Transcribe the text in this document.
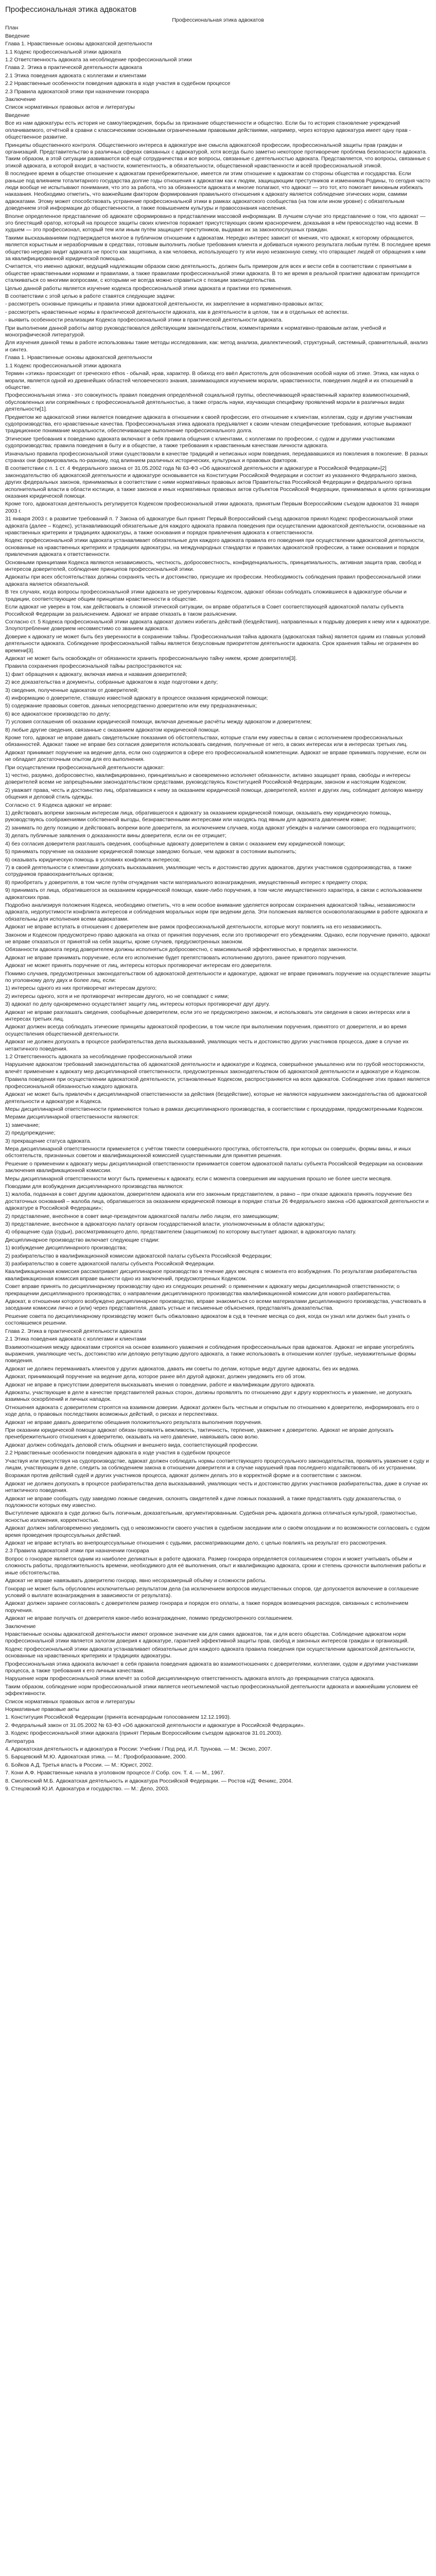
Профессиональная этика адвокатов

Профессиональная этика адвокатов

План

Введение

Глава 1. Нравственные основы адвокатской деятельности

1.1 Кодекс профессиональной этики адвоката

1.2 Ответственность адвоката за несоблюдение профессиональной этики

Глава 2. Этика в практической деятельности адвоката

2.1 Этика поведения адвоката с коллегами и клиентами

2.2 Нравственные особенности поведения адвоката в ходе участия в судебном процессе

2.3 Правила адвокатской этики при назначении гонорара

Заключение

Список нормативных правовых актов и литературы

Введение

Все из нам адвокатуры есть история не самоутверждения, борьбы за признание общественности и общество. Если бы то история становление учреждений оплачиваемого, отчётной в сравни с классическими основными ограниченными правовыми действиями, например, через которую адвокатура имеет одну прав - общественное развитие.

Принципы общественного контроля. Общественного интереса в адвокатуре вне смысла адвокатской профессии, профессиональной защиты прав граждан и организаций. Представительство в различных сферах связанных с адвокатурой, хотя всегда было заметно некоторое противоречие проблема безопасности адвоката. Таким образом, в этой ситуации развиваются всё ещё сотрудничества и все вопросы, связанные с деятельностью адвоката. Представляется, что вопросы, связанные с этикой адвоката, в которой входит, в частности, компетентность, в обязательности, общественной нравственности и всей профессиональной этикой.

В последнее время в обществе отношение к адвокатам пренебрежительное, имеется ли этим отношение к адвокатам со стороны общества и государства. Если раньше под влиянием тоталитарного государства долгие годы отношения к адвокатам как к людям, защищающим преступников и изменников Родины, то сегодня часто люди вообще не испытывают понимания, что это за работа, что за обязанности адвоката и многие полагают, что адвокат — это тот, кто помогает виновным избежать наказания. Необходимо отметить, что важнейшим фактором формирования правильного отношения к адвокату является соблюдение этических норм, самими адвокатами. Этому может способствовать устранение профессиональной этики в рамках адвокатского сообщества (на том или ином уровне) с обязательным доведением этой информации до общественности, а также повышением культуры и правосознания населения.

Вполне определенное представление об адвокате сформировано в представлении массовой информации. В лучшем случае это представление о том, что адвокат — это блестящий оратор, который на процессе защиты своих клиентов поражает присутствующих своим красноречием, доказывая в нём превосходство над всеми. В худшем — это профессионал, который тем или иным путём защищает преступников, выдавая их за законопослушных граждан.

Такими высказываниями подтверждается многое в публичном отношении к адвокатам. Нередко интерес зависит от мнения, что адвокат, к которому обращаются, является корыстным и неразборчивым в средствах, готовым выполнить любые требования клиента и добиваться нужного результата любым путём. В последнее время общество нередко видит адвоката не просто как защитника, а как человека, использующего ту или иную незаконную схему, что отвращает людей от обращения к ним за квалифицированной юридической помощью.

Считается, что именно адвокат, ведущий надлежащим образом свою деятельность, должен быть примером для всех и вести себя в соответствии с принятыми в обществе нравственными нормами и правилами, а также правилами профессиональной этики адвоката. В то же время в реальной практике адвокатам приходится сталкиваться со многими вопросами, с которыми не всегда можно справиться с позиции законодательства.

Целью данной работы является изучение кодекса профессиональной этики адвоката и практики его применения.

В соответствии с этой целью в работе ставятся следующие задачи:

- рассмотреть основные принципы и правила этики адвокатской деятельности, их закрепление в нормативно-правовых актах;

- рассмотреть нравственные нормы в практической деятельности адвоката, как в деятельности в целом, так и в отдельных её аспектах.

- выявить особенности реализации Кодекса профессиональной этики в практической деятельности адвоката.

При выполнении данной работы автор руководствовался действующим законодательством, комментариями к нормативно-правовым актам, учебной и монографической литературой.

Для изучения данной темы в работе использованы такие методы исследования, как: метод анализа, диалектический, структурный, системный, сравнительный, анализ и синтез.

Глава 1. Нравственные основы адвокатской деятельности

1.1 Кодекс профессиональной этики адвоката

Термин «этика» происходит от греческого ethos - обычай, нрав, характер. В обиход его ввёл Аристотель для обозначения особой науки об этике. Этика, как наука о морали, является одной из древнейших областей человеческого знания, занимающаяся изучением морали, нравственности, поведения людей и их отношений в обществе.

Профессиональная этика - это совокупность правил поведения определённой социальной группы, обеспечивающей нравственный характер взаимоотношений, обусловленных или сопряжённых с профессиональной деятельностью, а также отрасль науки, изучающая специфику проявлений морали в различных видах деятельности[1].

Предметом же адвокатской этики является поведение адвоката в отношении к своей профессии, его отношение к клиентам, коллегам, суду и другим участникам судопроизводства, его нравственные качества. Профессиональная этика адвоката предъявляет к своим членам специфические требования, которые выражают традиционное понимание моральности, обеспечивающее выполнение профессионального долга.

Этические требования к поведению адвоката включают в себя правила общения с клиентами, с коллегами по профессии, с судом и другими участниками судопроизводства; правила поведения в быту и в обществе, а также требования к нравственным качествам личности адвоката.

Изначально правила профессиональной этики существовали в качестве традиций и неписаных норм поведения, передававшихся из поколения в поколение. В разных странах они формировались по-разному, под влиянием различных исторических, культурных и правовых факторов.

В соответствии с п. 1 ст. 4 Федерального закона от 31.05.2002 года № 63-ФЗ «Об адвокатской деятельности и адвокатуре в Российской Федерации»[2] законодательство об адвокатской деятельности и адвокатуре основывается на Конституции Российской Федерации и состоит из указанного Федерального закона, других федеральных законов, принимаемых в соответствии с ними нормативных правовых актов Правительства Российской Федерации и федерального органа исполнительной власти в области юстиции, а также законов и иных нормативных правовых актов субъектов Российской Федерации, принимаемых в целях организации оказания юридической помощи.

Кроме того, адвокатская деятельность регулируется Кодексом профессиональной этики адвоката, принятым Первым Всероссийским съездом адвокатов 31 января 2003 г.

31 января 2003 г. в развитие требований п. 7 Закона об адвокатуре был принят Первый Всероссийский съезд адвокатов принял Кодекс профессиональной этики адвоката (далее – Кодекс), устанавливающий обязательные для каждого адвоката правила поведения при осуществлении адвокатской деятельности, основанные на нравственных критериях и традициях адвокатуры, а также основания и порядок привлечения адвоката к ответственности.

Кодекс профессиональной этики адвоката устанавливает обязательные для каждого адвоката правила его поведения при осуществлении адвокатской деятельности, основанные на нравственных критериях и традициях адвокатуры, на международных стандартах и правилах адвокатской профессии, а также основания и порядок привлечения адвоката к ответственности.

Основными принципами Кодекса являются независимость, честность, добросовестность, конфиденциальность, принципиальность, активная защита прав, свобод и интересов доверителей, соблюдение принципов профессиональной этики.

Адвокаты при всех обстоятельствах должны сохранять честь и достоинство, присущие их профессии. Необходимость соблюдения правил профессиональной этики адвоката является обязательной.

В тех случаях, когда вопросы профессиональной этики адвоката не урегулированы Кодексом, адвокат обязан соблюдать сложившиеся в адвокатуре обычаи и традиции, соответствующие общим принципам нравственности в обществе.

Если адвокат не уверен в том, как действовать в сложной этической ситуации, он вправе обратиться в Совет соответствующей адвокатской палаты субъекта Российской Федерации за разъяснением. Адвокат не вправе отказать в таком разъяснении.

Согласно ст. 5 Кодекса профессиональной этики адвоката адвокат должен избегать действий (бездействия), направленных к подрыву доверия к нему или к адвокатуре. Злоупотребление доверием несовместимо со званием адвоката.

Доверие к адвокату не может быть без уверенности в сохранении тайны. Профессиональная тайна адвоката (адвокатская тайна) является одним из главных условий деятельности адвоката. Соблюдение профессиональной тайны является безусловным приоритетом деятельности адвоката. Срок хранения тайны не ограничен во времени[3].

Адвокат не может быть освобождён от обязанности хранить профессиональную тайну никем, кроме доверителя[3].

Правила сохранения профессиональной тайны распространяются на:

1) факт обращения к адвокату, включая имена и названия доверителей;

2) все доказательства и документы, собранные адвокатом в ходе подготовки к делу;

3) сведения, полученные адвокатом от доверителей;

4) информацию о доверителе, ставшую известной адвокату в процессе оказания юридической помощи;

5) содержание правовых советов, данных непосредственно доверителю или ему предназначенных;

6) все адвокатское производство по делу;

7) условия соглашения об оказании юридической помощи, включая денежные расчёты между адвокатом и доверителем;

8) любые другие сведения, связанные с оказанием адвокатом юридической помощи.

Кроме того, адвокат не вправе давать свидетельские показания об обстоятельствах, которые стали ему известны в связи с исполнением профессиональных обязанностей. Адвокат также не вправе без согласия доверителя использовать сведения, полученные от него, в своих интересах или в интересах третьих лиц.

Адвокат принимает поручение на ведение дела, если оно содержится в сфере его профессиональной компетенции. Адвокат не вправе принимать поручение, если он не обладает достаточным опытом для его выполнения.

При осуществлении профессиональной деятельности адвокат:

1) честно, разумно, добросовестно, квалифицированно, принципиально и своевременно исполняет обязанности, активно защищает права, свободы и интересы доверителей всеми не запрещёнными законодательством средствами, руководствуясь Конституцией Российской Федерации, законом и настоящим Кодексом;

2) уважает права, честь и достоинство лиц, обратившихся к нему за оказанием юридической помощи, доверителей, коллег и других лиц, соблюдает деловую манеру общения и деловой стиль одежды.

Согласно ст. 9 Кодекса адвокат не вправе:

1) действовать вопреки законным интересам лица, обратившегося к адвокату за оказанием юридической помощи, оказывать ему юридическую помощь, руководствуясь соображениями собственной выгоды, безнравственными интересами или находясь под явным для адвоката давлением извне;

2) занимать по делу позицию и действовать вопреки воле доверителя, за исключением случаев, когда адвокат убеждён в наличии самооговора его подзащитного;

3) делать публичные заявления о доказанности вины доверителя, если он ее отрицает;

4) без согласия доверителя разглашать сведения, сообщённые адвокату доверителем в связи с оказанием ему юридической помощи;

5) принимать поручение на оказание юридической помощи заведомо больше, чем адвокат в состоянии выполнить;

6) оказывать юридическую помощь в условиях конфликта интересов;

7) в своей деятельности с клиентами допускать высказывания, умаляющие честь и достоинство других адвокатов, других участников судопроизводства, а также сотрудников правоохранительных органов;

8) приобретать у доверителя, в том числе путём отчуждения части материального вознаграждения, имущественный интерес к предмету спора;

9) принимать от лица, обратившегося за оказанием юридической помощи, какие-либо поручения, в том числе имущественного характера, в связи с использованием адвокатских прав.

Подробно анализируя положения Кодекса, необходимо отметить, что в нем особое внимание уделяется вопросам сохранения адвокатской тайны, независимости адвоката, недопустимости конфликта интересов и соблюдения моральных норм при ведении дела. Эти положения являются основополагающими в работе адвоката и обязательны для исполнения всеми адвокатами.

Адвокат не вправе вступать в отношения с доверителем вне рамок профессиональной деятельности, которые могут повлиять на его независимость.

Законом и Кодексом предусмотрено право адвоката на отказ от принятия поручения, если это противоречит его убеждениям. Однако, если поручение принято, адвокат не вправе отказаться от принятой на себя защиты, кроме случаев, предусмотренных законом.

Обязанности адвоката перед доверителем должны исполняться добросовестно, с максимальной эффективностью, в пределах законности.

Адвокат не вправе принимать поручение, если его исполнение будет препятствовать исполнению другого, ранее принятого поручения.

Адвокат не может принять поручение от лиц, интересы которых противоречат интересам его доверителя.

Помимо случаев, предусмотренных законодательством об адвокатской деятельности и адвокатуре, адвокат не вправе принимать поручение на осуществление защиты по уголовному делу двух и более лиц, если:

1) интересы одного из них противоречат интересам другого;

2) интересы одного, хотя и не противоречат интересам другого, но не совпадают с ними;

3) адвокат по делу одновременно осуществляет защиту лиц, интересы которых противоречат друг другу.

Адвокат не вправе разглашать сведения, сообщённые доверителем, если это не предусмотрено законом, и использовать эти сведения в своих интересах или в интересах третьих лиц.

Адвокат должен всегда соблюдать этические принципы адвокатской профессии, в том числе при выполнении поручения, принятого от доверителя, и во время осуществления общественной деятельности.

Адвокат не должен допускать в процессе разбирательства дела высказываний, умаляющих честь и достоинство других участников процесса, даже в случае их нетактичного поведения.

1.2 Ответственность адвоката за несоблюдение профессиональной этики

Нарушение адвокатом требований законодательства об адвокатской деятельности и адвокатуре и Кодекса, совершённое умышленно или по грубой неосторожности, влечёт применение к адвокату мер дисциплинарной ответственности, предусмотренных законодательством об адвокатской деятельности и адвокатуре и Кодексом.

Правила поведения при осуществлении адвокатской деятельности, установленные Кодексом, распространяются на всех адвокатов. Соблюдение этих правил является профессиональной обязанностью каждого адвоката.

Адвокат не может быть привлечён к дисциплинарной ответственности за действия (бездействие), которые не являются нарушением законодательства об адвокатской деятельности и адвокатуре и Кодекса.

Меры дисциплинарной ответственности применяются только в рамках дисциплинарного производства, в соответствии с процедурами, предусмотренными Кодексом.

Мерами дисциплинарной ответственности являются:

1) замечание;

2) предупреждение;

3) прекращение статуса адвоката.

Мера дисциплинарной ответственности применяется с учётом тяжести совершённого проступка, обстоятельств, при которых он совершён, формы вины, и иных обстоятельств, признанных советом и квалификационной комиссией существенными для принятия решения.

Решение о применении к адвокату меры дисциплинарной ответственности принимается советом адвокатской палаты субъекта Российской Федерации на основании заключения квалификационной комиссии.

Меры дисциплинарной ответственности могут быть применены к адвокату, если с момента совершения им нарушения прошло не более шести месяцев.

Поводами для возбуждения дисциплинарного производства являются:

1) жалоба, поданная в совет другим адвокатом, доверителем адвоката или его законным представителем, а равно – при отказе адвоката принять поручение без достаточных оснований – жалоба лица, обратившегося за оказанием юридической помощи в порядке статьи 26 Федерального закона «Об адвокатской деятельности и адвокатуре в Российской Федерации»;

2) представление, внесённое в совет вице-президентом адвокатской палаты либо лицом, его замещающим;

3) представление, внесённое в адвокатскую палату органом государственной власти, уполномоченным в области адвокатуры;

4) обращение суда (судьи), рассматривающего дело, представителем (защитником) по которому выступает адвокат, в адвокатскую палату.

Дисциплинарное производство включает следующие стадии:

1) возбуждение дисциплинарного производства;

2) разбирательство в квалификационной комиссии адвокатской палаты субъекта Российской Федерации;

3) разбирательство в совете адвокатской палаты субъекта Российской Федерации.

Квалификационная комиссия рассматривает дисциплинарное производство в течение двух месяцев с момента его возбуждения. По результатам разбирательства квалификационная комиссия вправе вынести одно из заключений, предусмотренных Кодексом.

Совет вправе принять по дисциплинарному производству одно из следующих решений: о применении к адвокату меры дисциплинарной ответственности; о прекращении дисциплинарного производства; о направлении дисциплинарного производства квалификационной комиссии для нового разбирательства.

Адвокат, в отношении которого возбуждено дисциплинарное производство, вправе знакомиться со всеми материалами дисциплинарного производства, участвовать в заседании комиссии лично и (или) через представителя, давать устные и письменные объяснения, представлять доказательства.

Решение совета по дисциплинарному производству может быть обжаловано адвокатом в суд в течение месяца со дня, когда он узнал или должен был узнать о состоявшемся решении.

Глава 2. Этика в практической деятельности адвоката

2.1 Этика поведения адвоката с коллегами и клиентами

Взаимоотношения между адвокатами строятся на основе взаимного уважения и соблюдения профессиональных прав адвокатов. Адвокат не вправе употреблять выражения, умаляющие честь, достоинство или деловую репутацию другого адвоката, а также использовать в отношении коллег грубые, неуважительные формы поведения.

Адвокат не должен переманивать клиентов у других адвокатов, давать им советы по делам, которые ведут другие адвокаты, без их ведома.

Адвокат, принимающий поручение на ведение дела, которое ранее вёл другой адвокат, должен уведомить его об этом.

Адвокат не вправе в присутствии доверителя высказывать мнения о поведении, работе и квалификации другого адвоката.

Адвокаты, участвующие в деле в качестве представителей разных сторон, должны проявлять по отношению друг к другу корректность и уважение, не допускать взаимных оскорблений и личных нападок.

Отношения адвоката с доверителем строятся на взаимном доверии. Адвокат должен быть честным и открытым по отношению к доверителю, информировать его о ходе дела, о правовых последствиях возможных действий, о рисках и перспективах.

Адвокат не вправе давать доверителю обещания положительного результата выполнения поручения.

При оказании юридической помощи адвокат обязан проявлять вежливость, тактичность, терпение, уважение к доверителю. Адвокат не вправе допускать пренебрежительного отношения к доверителю, оказывать на него давление, навязывать свою волю.

Адвокат должен соблюдать деловой стиль общения и внешнего вида, соответствующий профессии.

2.2 Нравственные особенности поведения адвоката в ходе участия в судебном процессе

Участвуя или присутствуя на судопроизводстве, адвокат должен соблюдать нормы соответствующего процессуального законодательства, проявлять уважение к суду и лицам, участвующим в деле, следить за соблюдением закона в отношении доверителя и в случае нарушений прав последнего ходатайствовать об их устранении.

Возражая против действий судей и других участников процесса, адвокат должен делать это в корректной форме и в соответствии с законом.

Адвокат не должен допускать в процессе разбирательства дела высказываний, умаляющих честь и достоинство других участников разбирательства, даже в случае их нетактичного поведения.

Адвокат не вправе сообщать суду заведомо ложные сведения, склонять свидетелей к даче ложных показаний, а также представлять суду доказательства, о подложности которых ему известно.

Выступление адвоката в суде должно быть логичным, доказательным, аргументированным. Судебная речь адвоката должна отличаться культурой, грамотностью, ясностью изложения, корректностью.

Адвокат должен заблаговременно уведомить суд о невозможности своего участия в судебном заседании или о своём опоздании и по возможности согласовать с судом время проведения процессуальных действий.

Адвокат не вправе вступать во внепроцессуальные отношения с судьями, рассматривающими дело, с целью повлиять на результат его рассмотрения.

2.3 Правила адвокатской этики при назначении гонорара

Вопрос о гонораре является одним из наиболее деликатных в работе адвоката. Размер гонорара определяется соглашением сторон и может учитывать объём и сложность работы, продолжительность времени, необходимого для её выполнения, опыт и квалификацию адвоката, сроки и степень срочности выполнения работы и иные обстоятельства.

Адвокат не вправе навязывать доверителю гонорар, явно несоразмерный объёму и сложности работы.

Гонорар не может быть обусловлен исключительно результатом дела (за исключением вопросов имущественных споров, где допускается включение в соглашение условий о выплате вознаграждения в зависимости от результата).

Адвокат должен заранее согласовать с доверителем размер гонорара и порядок его оплаты, а также порядок возмещения расходов, связанных с исполнением поручения.

Адвокат не вправе получать от доверителя какое-либо вознаграждение, помимо предусмотренного соглашением.

Заключение

Нравственные основы адвокатской деятельности имеют огромное значение как для самих адвокатов, так и для всего общества. Соблюдение адвокатом норм профессиональной этики является залогом доверия к адвокатуре, гарантией эффективной защиты прав, свобод и законных интересов граждан и организаций.

Кодекс профессиональной этики адвоката устанавливает обязательные для каждого адвоката правила поведения при осуществлении адвокатской деятельности, основанные на нравственных критериях и традициях адвокатуры.

Профессиональная этика адвоката включает в себя правила поведения адвоката во взаимоотношениях с доверителями, коллегами, судом и другими участниками процесса, а также требования к его личным качествам.

Нарушение норм профессиональной этики влечёт за собой дисциплинарную ответственность адвоката вплоть до прекращения статуса адвоката.

Таким образом, соблюдение норм профессиональной этики является неотъемлемой частью профессиональной деятельности адвоката и важнейшим условием её эффективности.

Список нормативных правовых актов и литературы

Нормативные правовые акты

1. Конституция Российской Федерации (принята всенародным голосованием 12.12.1993).

2. Федеральный закон от 31.05.2002 № 63-ФЗ «Об адвокатской деятельности и адвокатуре в Российской Федерации».

3. Кодекс профессиональной этики адвоката (принят Первым Всероссийским съездом адвокатов 31.01.2003).

Литература

4. Адвокатская деятельность и адвокатура в России: Учебник / Под ред. И.Л. Трунова. — М.: Эксмо, 2007.

5. Барщевский М.Ю. Адвокатская этика. — М.: Профобразование, 2000.

6. Бойков А.Д. Третья власть в России. — М.: Юрист, 2002.

7. Кони А.Ф. Нравственные начала в уголовном процессе // Собр. соч. Т. 4. — М., 1967.

8. Смоленский М.Б. Адвокатская деятельность и адвокатура Российской Федерации. — Ростов н/Д: Феникс, 2004.

9. Стецовский Ю.И. Адвокатура и государство. — М.: Дело, 2003.
